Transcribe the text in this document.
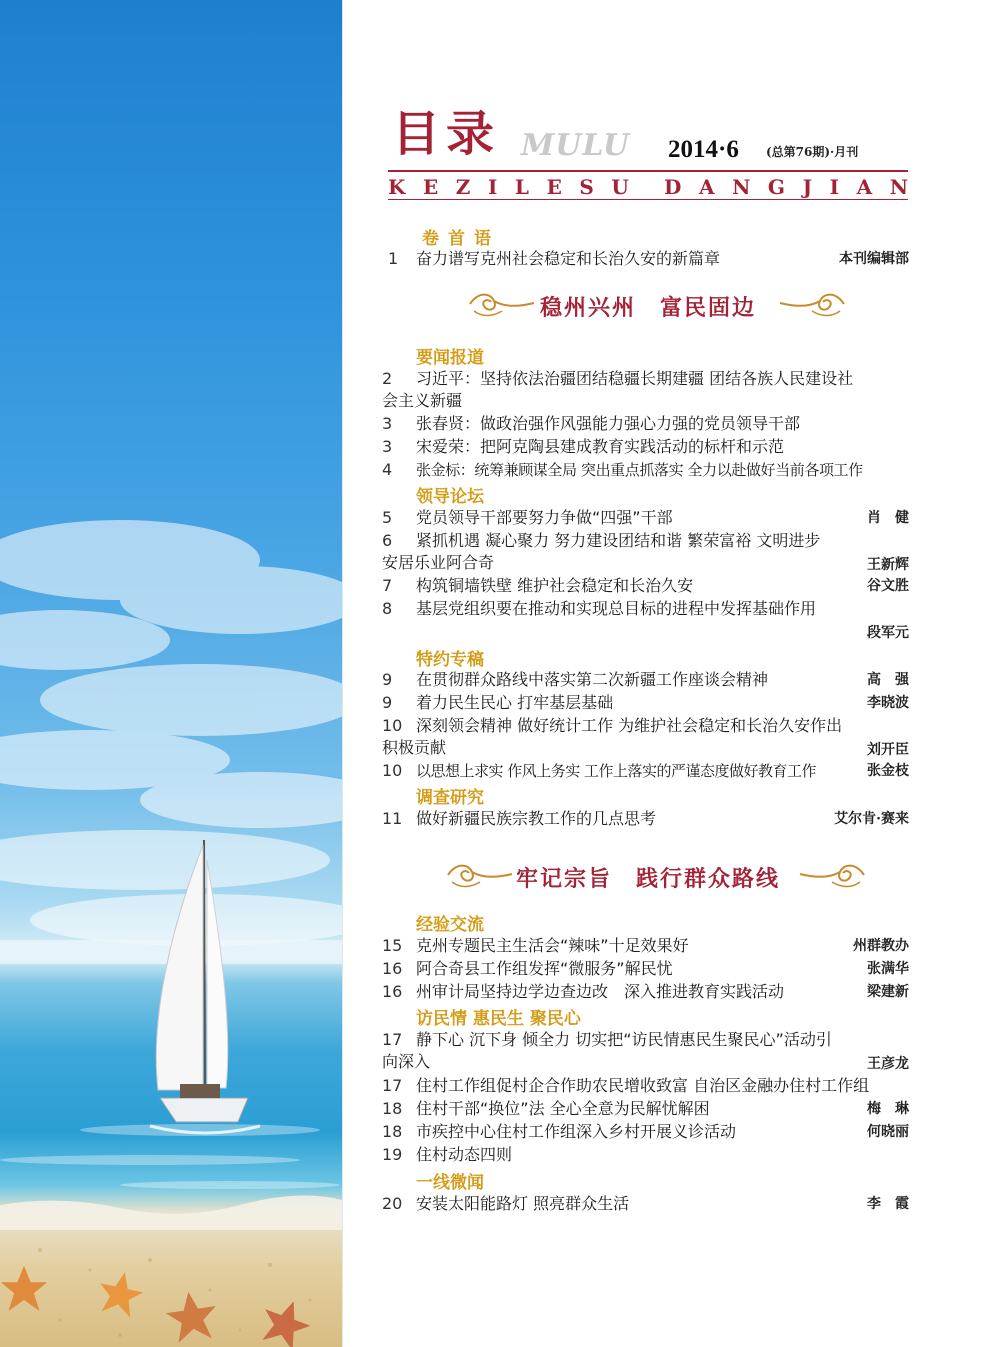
目录 MULU 2014·6 (总第76期)·月刊
K E Z I L E S U D A N G J I A N
卷首语
1 奋力谱写克州社会稳定和长治久安的新篇章	本刊编辑部
稳州兴州　富民固边
要闻报道
2 习近平：坚持依法治疆团结稳疆长期建疆 团结各族人民建设社
会主义新疆
3 张春贤：做政治强作风强能力强心力强的党员领导干部
3 宋爱荣：把阿克陶县建成教育实践活动的标杆和示范
4 张金标：统筹兼顾谋全局 突出重点抓落实 全力以赴做好当前各项工作
领导论坛
5 党员领导干部要努力争做“四强”干部	肖　健
6 紧抓机遇 凝心聚力 努力建设团结和谐 繁荣富裕 文明进步
安居乐业阿合奇	王新辉
7 构筑铜墙铁壁 维护社会稳定和长治久安	谷文胜
8 基层党组织要在推动和实现总目标的进程中发挥基础作用
段军元
特约专稿
9 在贯彻群众路线中落实第二次新疆工作座谈会精神	高　强
9 着力民生民心 打牢基层基础	李晓波
10 深刻领会精神 做好统计工作 为维护社会稳定和长治久安作出
积极贡献	刘开臣
10 以思想上求实 作风上务实 工作上落实的严谨态度做好教育工作	张金枝
调查研究
11 做好新疆民族宗教工作的几点思考	艾尔肯·赛来
牢记宗旨　践行群众路线
经验交流
15 克州专题民主生活会“辣味”十足效果好	州群教办
16 阿合奇县工作组发挥“微服务”解民忧	张满华
16 州审计局坚持边学边查边改　深入推进教育实践活动	梁建新
访民情 惠民生 聚民心
17 静下心 沉下身 倾全力 切实把“访民情惠民生聚民心”活动引
向深入	王彦龙
17 住村工作组促村企合作助农民增收致富 自治区金融办住村工作组
18 住村干部“换位”法 全心全意为民解忧解困	梅　琳
18 市疾控中心住村工作组深入乡村开展义诊活动	何晓丽
19 住村动态四则
一线微闻
20 安装太阳能路灯 照亮群众生活	李　霞
